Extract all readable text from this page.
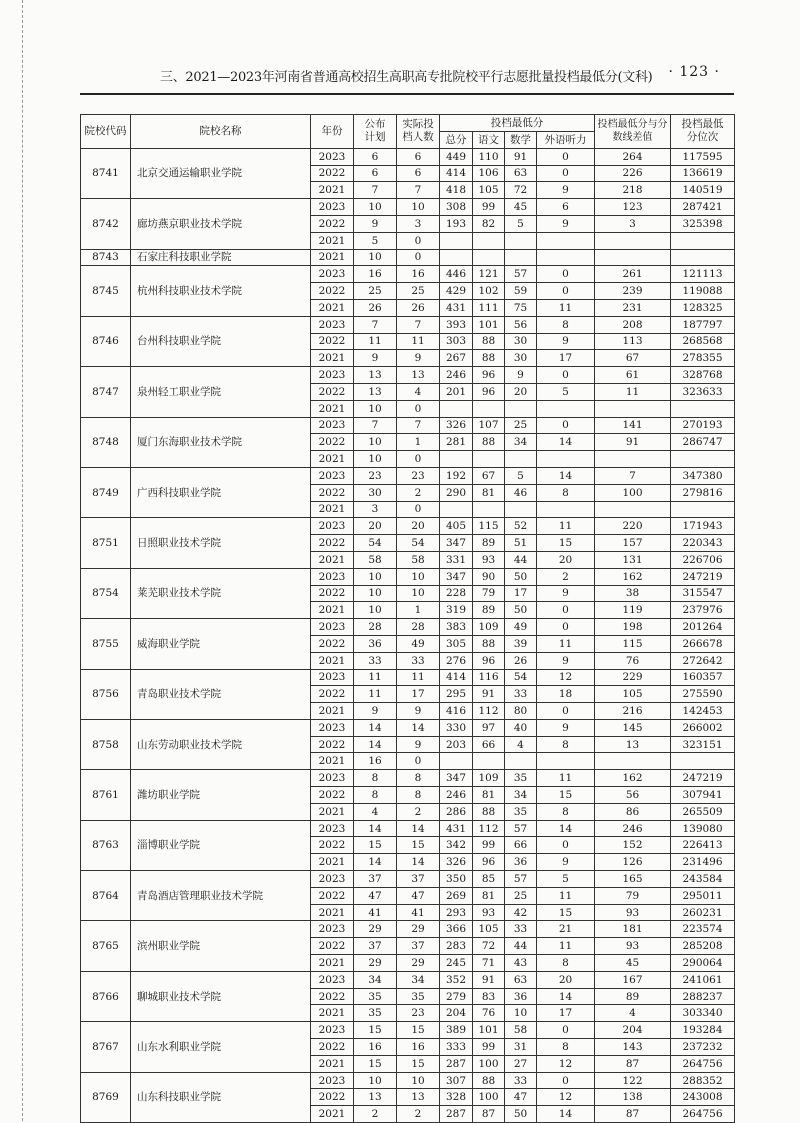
三、2021—2023年河南省普通高校招生高职高专批院校平行志愿批量投档最低分(文科) · 123 ·
院校代码	院校名称	年份	公布计划	实际投档人数	投档最低分				投档最低分与分数线差值	投档最低分位次
					总分	语文	数学	外语听力		
8741	北京交通运输职业学院	2023	6	6	449	110	91	0	264	117595
		2022	6	6	414	106	63	0	226	136619
		2021	7	7	418	105	72	9	218	140519
8742	廊坊燕京职业技术学院	2023	10	10	308	99	45	6	123	287421
		2022	9	3	193	82	5	9	3	325398
		2021	5	0						
8743	石家庄科技职业学院	2021	10	0						
8745	杭州科技职业技术学院	2023	16	16	446	121	57	0	261	121113
		2022	25	25	429	102	59	0	239	119088
		2021	26	26	431	111	75	11	231	128325
8746	台州科技职业学院	2023	7	7	393	101	56	8	208	187797
		2022	11	11	303	88	30	9	113	268568
		2021	9	9	267	88	30	17	67	278355
8747	泉州轻工职业学院	2023	13	13	246	96	9	0	61	328768
		2022	13	4	201	96	20	5	11	323633
		2021	10	0						
8748	厦门东海职业技术学院	2023	7	7	326	107	25	0	141	270193
		2022	10	1	281	88	34	14	91	286747
		2021	10	0						
8749	广西科技职业学院	2023	23	23	192	67	5	14	7	347380
		2022	30	2	290	81	46	8	100	279816
		2021	3	0						
8751	日照职业技术学院	2023	20	20	405	115	52	11	220	171943
		2022	54	54	347	89	51	15	157	220343
		2021	58	58	331	93	44	20	131	226706
8754	莱芜职业技术学院	2023	10	10	347	90	50	2	162	247219
		2022	10	10	228	79	17	9	38	315547
		2021	10	1	319	89	50	0	119	237976
8755	威海职业学院	2023	28	28	383	109	49	0	198	201264
		2022	36	49	305	88	39	11	115	266678
		2021	33	33	276	96	26	9	76	272642
8756	青岛职业技术学院	2023	11	11	414	116	54	12	229	160357
		2022	11	17	295	91	33	18	105	275590
		2021	9	9	416	112	80	0	216	142453
8758	山东劳动职业技术学院	2023	14	14	330	97	40	9	145	266002
		2022	14	9	203	66	4	8	13	323151
		2021	16	0						
8761	潍坊职业学院	2023	8	8	347	109	35	11	162	247219
		2022	8	8	246	81	34	15	56	307941
		2021	4	2	286	88	35	8	86	265509
8763	淄博职业学院	2023	14	14	431	112	57	14	246	139080
		2022	15	15	342	99	66	0	152	226413
		2021	14	14	326	96	36	9	126	231496
8764	青岛酒店管理职业技术学院	2023	37	37	350	85	57	5	165	243584
		2022	47	47	269	81	25	11	79	295011
		2021	41	41	293	93	42	15	93	260231
8765	滨州职业学院	2023	29	29	366	105	33	21	181	223574
		2022	37	37	283	72	44	11	93	285208
		2021	29	29	245	71	43	8	45	290064
8766	聊城职业技术学院	2023	34	34	352	91	63	20	167	241061
		2022	35	35	279	83	36	14	89	288237
		2021	35	23	204	76	10	17	4	303340
8767	山东水利职业学院	2023	15	15	389	101	58	0	204	193284
		2022	16	16	333	99	31	8	143	237232
		2021	15	15	287	100	27	12	87	264756
8769	山东科技职业学院	2023	10	10	307	88	33	0	122	288352
		2022	13	13	328	100	47	12	138	243008
		2021	2	2	287	87	50	14	87	264756
